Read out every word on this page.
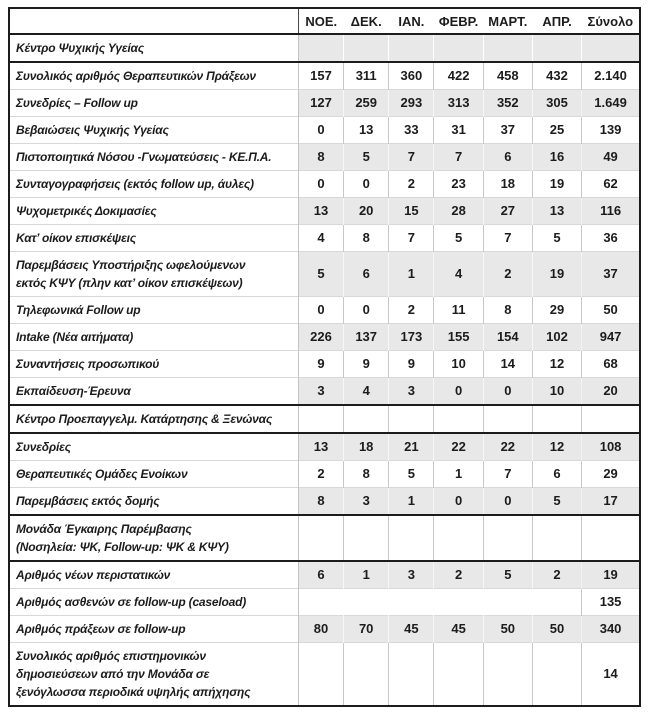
	ΝΟΕ.	ΔΕΚ.	ΙΑΝ.	ΦΕΒΡ.	ΜΑΡΤ.	ΑΠΡ.	Σύνολο
Κέντρο Ψυχικής Υγείας							
Συνολικός αριθμός Θεραπευτικών Πράξεων	157	311	360	422	458	432	2.140
Συνεδρίες – Follow up	127	259	293	313	352	305	1.649
Βεβαιώσεις Ψυχικής Υγείας	0	13	33	31	37	25	139
Πιστοποιητικά Νόσου -Γνωματεύσεις - ΚΕ.Π.Α.	8	5	7	7	6	16	49
Συνταγογραφήσεις (εκτός follow up, άυλες)	0	0	2	23	18	19	62
Ψυχομετρικές Δοκιμασίες	13	20	15	28	27	13	116
Κατ’ οίκον επισκέψεις	4	8	7	5	7	5	36
Παρεμβάσεις Υποστήριξης ωφελούμενων
εκτός ΚΨΥ (πλην κατ’ οίκον επισκέψεων)	5	6	1	4	2	19	37
Τηλεφωνικά Follow up	0	0	2	11	8	29	50
Intake (Νέα αιτήματα)	226	137	173	155	154	102	947
Συναντήσεις προσωπικού	9	9	9	10	14	12	68
Εκπαίδευση-Έρευνα	3	4	3	0	0	10	20
Κέντρο Προεπαγγελμ. Κατάρτησης & Ξενώνας							
Συνεδρίες	13	18	21	22	22	12	108
Θεραπευτικές Ομάδες Ενοίκων	2	8	5	1	7	6	29
Παρεμβάσεις εκτός δομής	8	3	1	0	0	5	17
Μονάδα Έγκαιρης Παρέμβασης
(Νοσηλεία: ΨΚ, Follow-up: ΨΚ & ΚΨΥ)							
Αριθμός νέων περιστατικών	6	1	3	2	5	2	19
Αριθμός ασθενών σε follow-up (caseload)							135
Αριθμός πράξεων σε follow-up	80	70	45	45	50	50	340
Συνολικός αριθμός επιστημονικών
δημοσιεύσεων από την Μονάδα σε
ξενόγλωσσα περιοδικά υψηλής απήχησης							14
